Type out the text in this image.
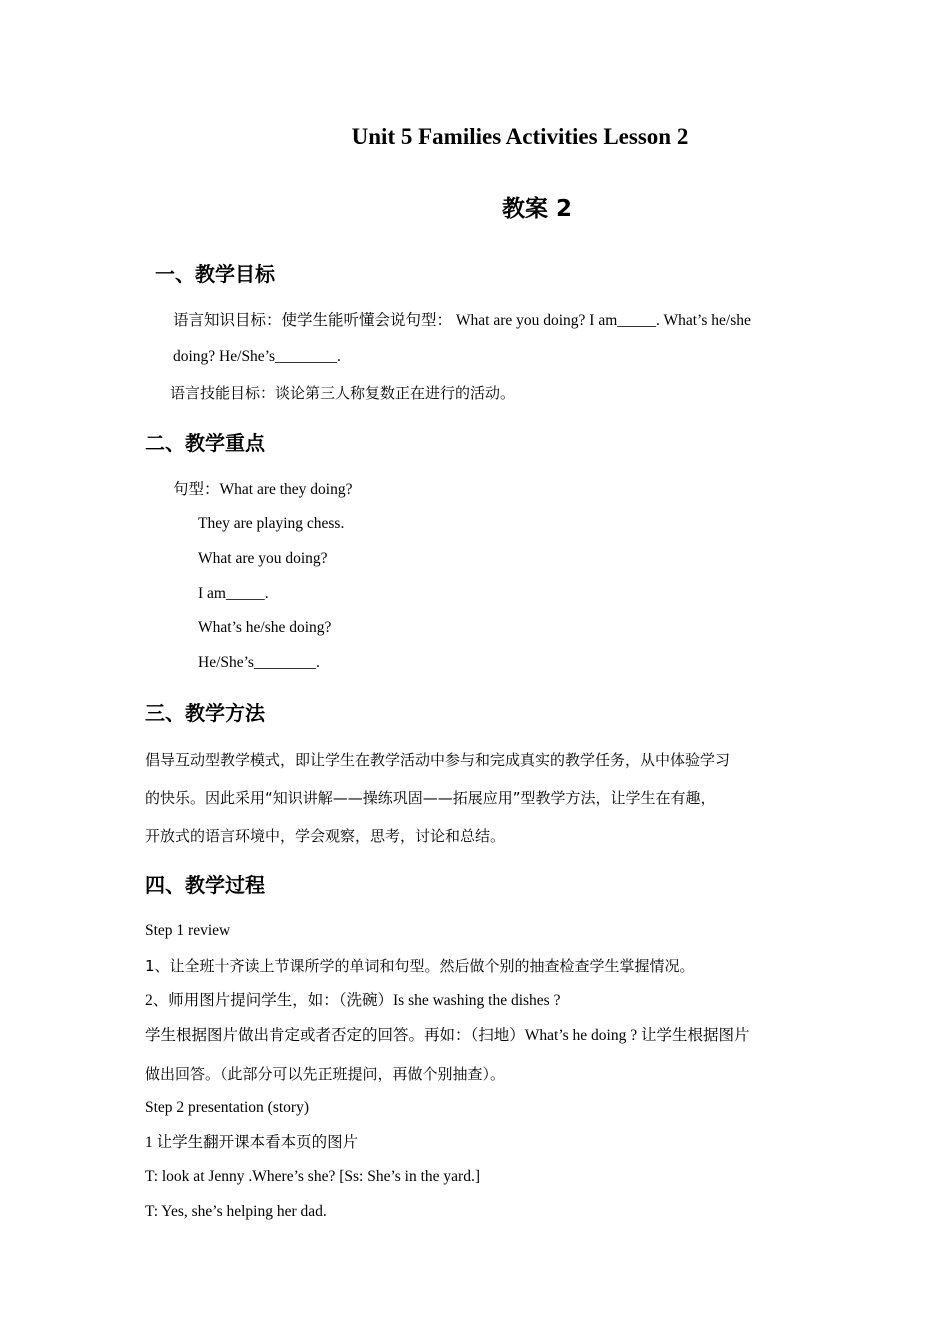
Unit 5 Families Activities Lesson 2
教案 2
一、教学目标
语言知识目标：使学生能听懂会说句型： What are you doing? I am_____. What’s he/she
doing? He/She’s________.
语言技能目标：谈论第三人称复数正在进行的活动。
二、教学重点
句型：What are they doing?
They are playing chess.
What are you doing?
I am_____.
What’s he/she doing?
He/She’s________.
三、教学方法
倡导互动型教学模式，即让学生在教学活动中参与和完成真实的教学任务，从中体验学习
的快乐。因此采用“知识讲解——操练巩固——拓展应用”型教学方法，让学生在有趣，
开放式的语言环境中，学会观察，思考，讨论和总结。
四、教学过程
Step 1 review
1、让全班十齐读上节课所学的单词和句型。然后做个别的抽查检查学生掌握情况。
2、师用图片提问学生，如：（洗碗）Is she washing the dishes ?
学生根据图片做出肯定或者否定的回答。再如：（扫地）What’s he doing ? 让学生根据图片
做出回答。（此部分可以先正班提问，再做个别抽查）。
Step 2 presentation (story)
1 让学生翻开课本看本页的图片
T: look at Jenny .Where’s she? [Ss: She’s in the yard.]
T: Yes, she’s helping her dad.
